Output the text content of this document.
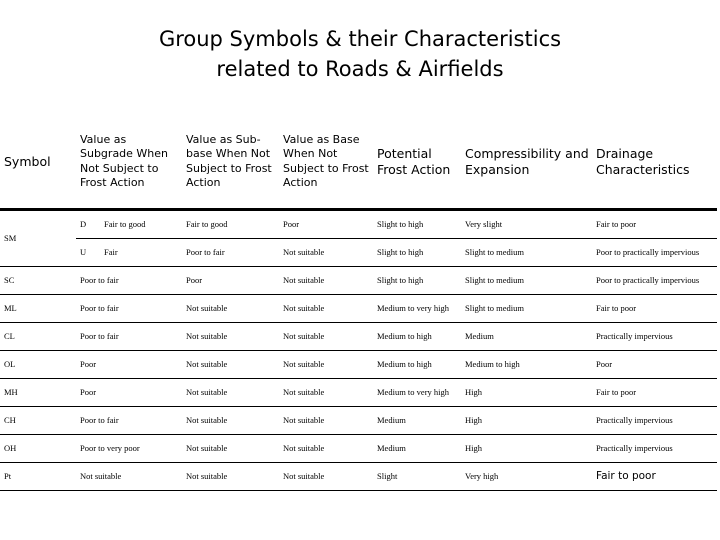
Group Symbols & their Characteristics
related to Roads & Airfields
Symbol	Value as Subgrade When Not Subject to Frost Action	Value as Sub-base When Not Subject to Frost Action	Value as Base When Not Subject to Frost Action	Potential Frost Action	Compressibility and Expansion	Drainage Characteristics
SM	D Fair to good	Fair to good	Poor	Slight to high	Very slight	Fair to poor

	U Fair	Poor to fair	Not suitable	Slight to high	Slight to medium	Poor to practically impervious
SC	Poor to fair	Poor	Not suitable	Slight to high	Slight to medium	Poor to practically impervious
ML	Poor to fair	Not suitable	Not suitable	Medium to very high	Slight to medium	Fair to poor
CL	Poor to fair	Not suitable	Not suitable	Medium to high	Medium	Practically impervious
OL	Poor	Not suitable	Not suitable	Medium to high	Medium to high	Poor
MH	Poor	Not suitable	Not suitable	Medium to very high	High	Fair to poor
CH	Poor to fair	Not suitable	Not suitable	Medium	High	Practically impervious
OH	Poor to very poor	Not suitable	Not suitable	Medium	High	Practically impervious
Pt	Not suitable	Not suitable	Not suitable	Slight	Very high	Fair to poor
